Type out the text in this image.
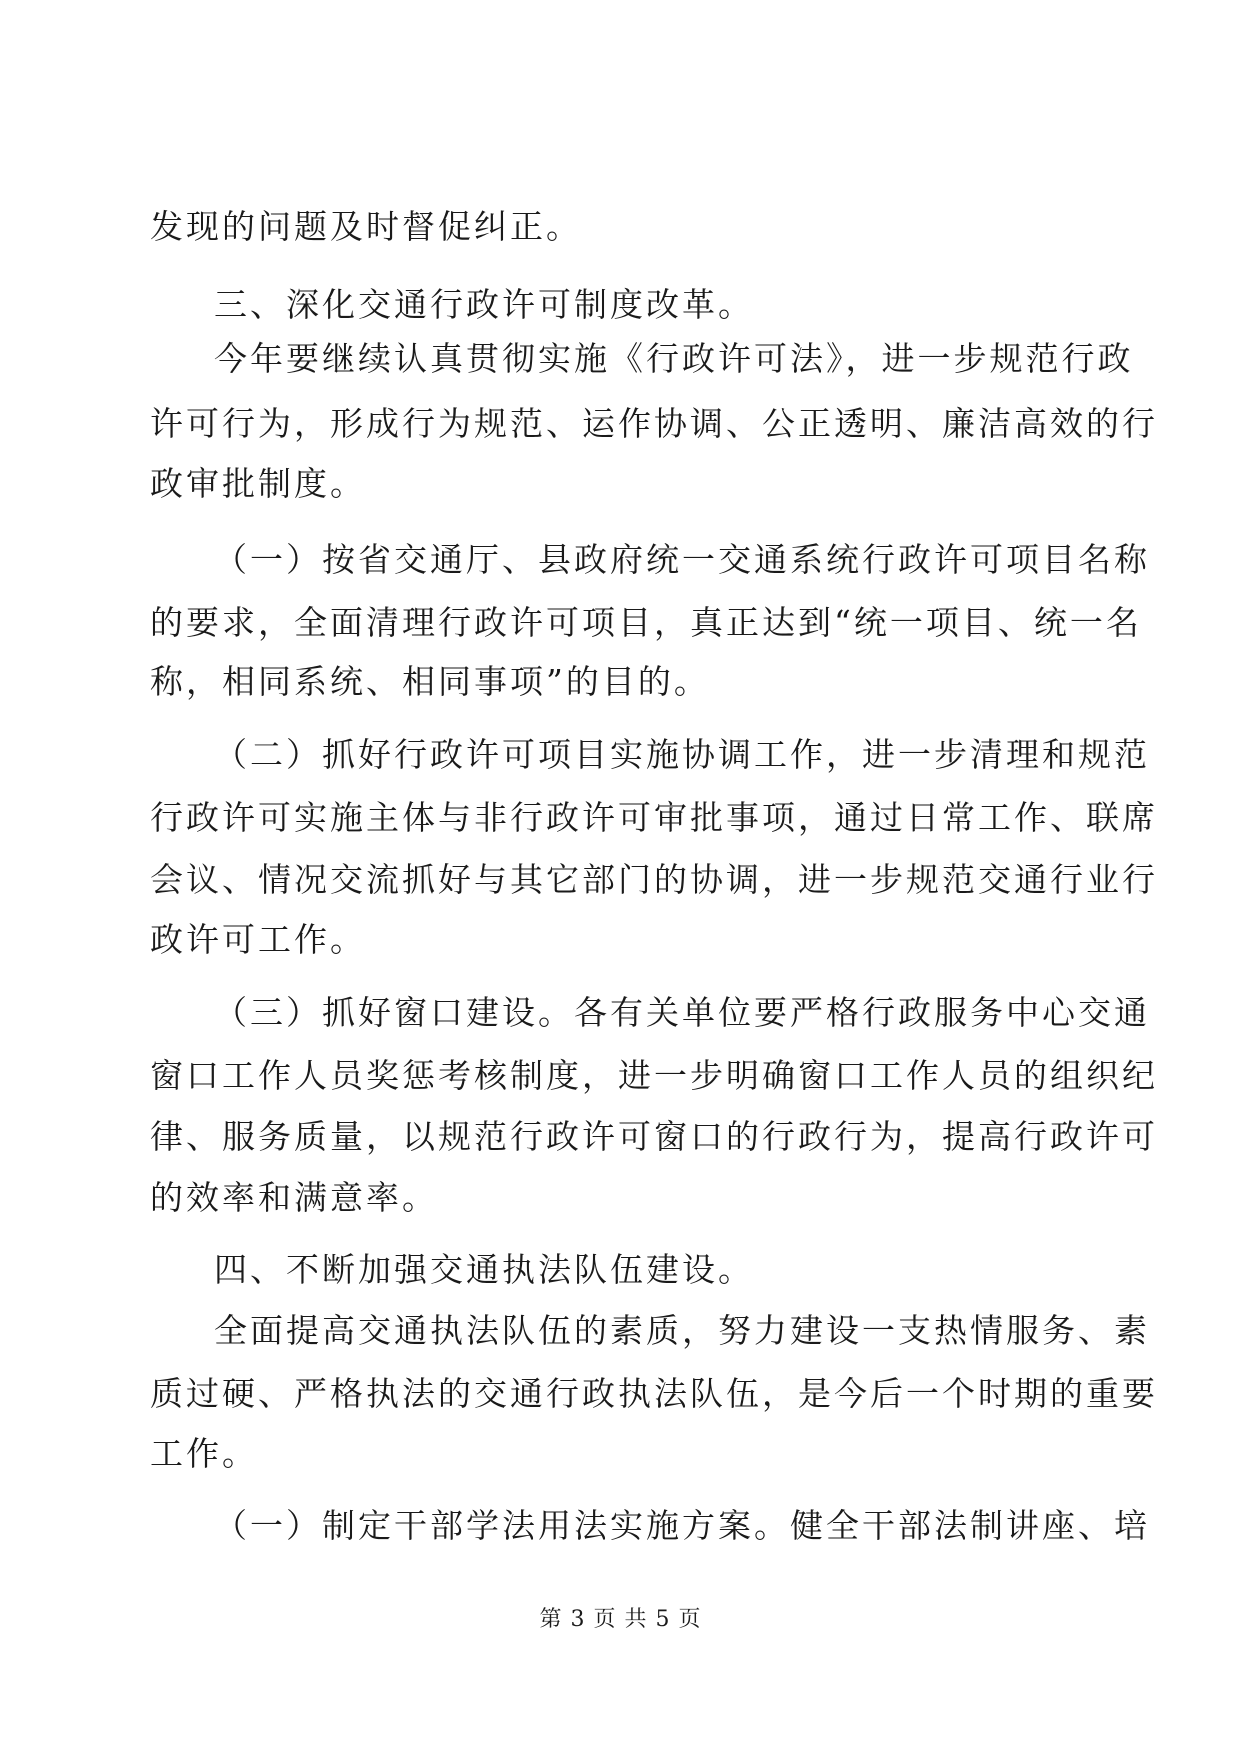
发现的问题及时督促纠正。
三、深化交通行政许可制度改革。
今年要继续认真贯彻实施《行政许可法》，进一步规范行政
许可行为，形成行为规范、运作协调、公正透明、廉洁高效的行
政审批制度。
（一）按省交通厅、县政府统一交通系统行政许可项目名称
的要求，全面清理行政许可项目，真正达到“统一项目、统一名
称，相同系统、相同事项”的目的。
（二）抓好行政许可项目实施协调工作，进一步清理和规范
行政许可实施主体与非行政许可审批事项，通过日常工作、联席
会议、情况交流抓好与其它部门的协调，进一步规范交通行业行
政许可工作。
（三）抓好窗口建设。各有关单位要严格行政服务中心交通
窗口工作人员奖惩考核制度，进一步明确窗口工作人员的组织纪
律、服务质量，以规范行政许可窗口的行政行为，提高行政许可
的效率和满意率。
四、不断加强交通执法队伍建设。
全面提高交通执法队伍的素质，努力建设一支热情服务、素
质过硬、严格执法的交通行政执法队伍，是今后一个时期的重要
工作。
（一）制定干部学法用法实施方案。健全干部法制讲座、培
第 3 页 共 5 页
